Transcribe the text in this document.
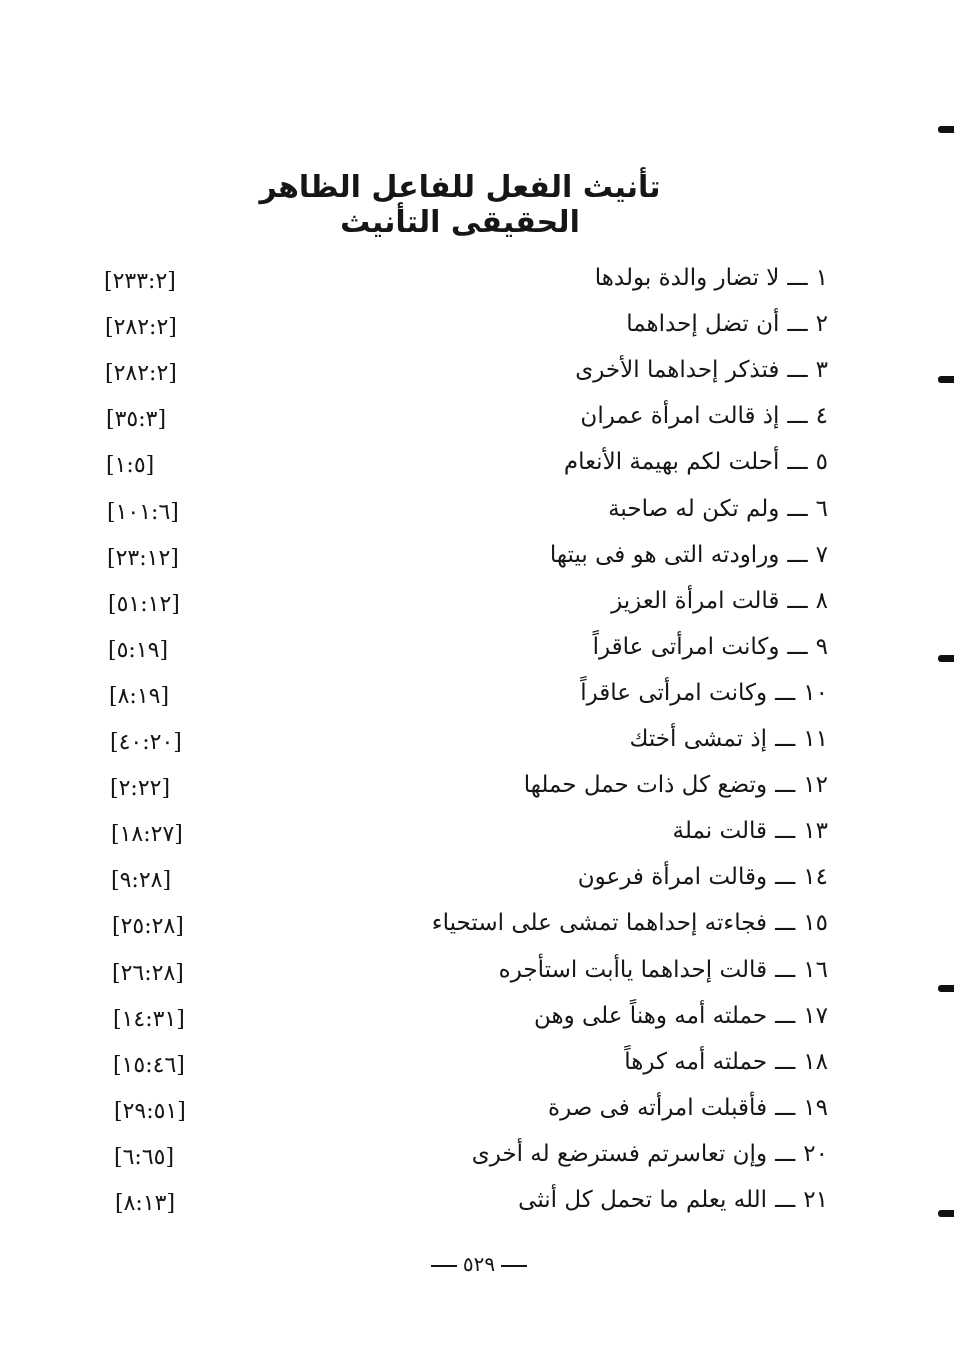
تأنيث الفعل للفاعل الظاهر الحقيقى التأنيث
١ـــلا تضار والدة بولدها
[٢٣٣:٢]
٢ـــأن تضل إحداهما
[٢٨٢:٢]
٣ـــفتذكر إحداهما الأخرى
[٢٨٢:٢]
٤ـــإذ قالت امرأة عمران
[٣٥:٣]
٥ـــأحلت لكم بهيمة الأنعام
[١:٥]
٦ـــولم تكن له صاحبة
[١٠١:٦]
٧ـــوراودته التى هو فى بيتها
[٢٣:١٢]
٨ـــقالت امرأة العزيز
[٥١:١٢]
٩ـــوكانت امرأتى عاقراً
[٥:١٩]
١٠ـــوكانت امرأتى عاقراً
[٨:١٩]
١١ـــإذ تمشى أختك
[٤٠:٢٠]
١٢ـــوتضع كل ذات حمل حملها
[٢:٢٢]
١٣ـــقالت نملة
[١٨:٢٧]
١٤ـــوقالت امرأة فرعون
[٩:٢٨]
١٥ـــفجاءته إحداهما تمشى على استحياء
[٢٥:٢٨]
١٦ـــقالت إحداهما ياأبت استأجره
[٢٦:٢٨]
١٧ـــحملته أمه وهناً على وهن
[١٤:٣١]
١٨ـــحملته أمه كرهاً
[١٥:٤٦]
١٩ـــفأقبلت امرأته فى صرة
[٢٩:٥١]
٢٠ـــوإن تعاسرتم فسترضع له أخرى
[٦:٦٥]
٢١ـــالله يعلم ما تحمل كل أنثى
[٨:١٣]
٥٢٩
